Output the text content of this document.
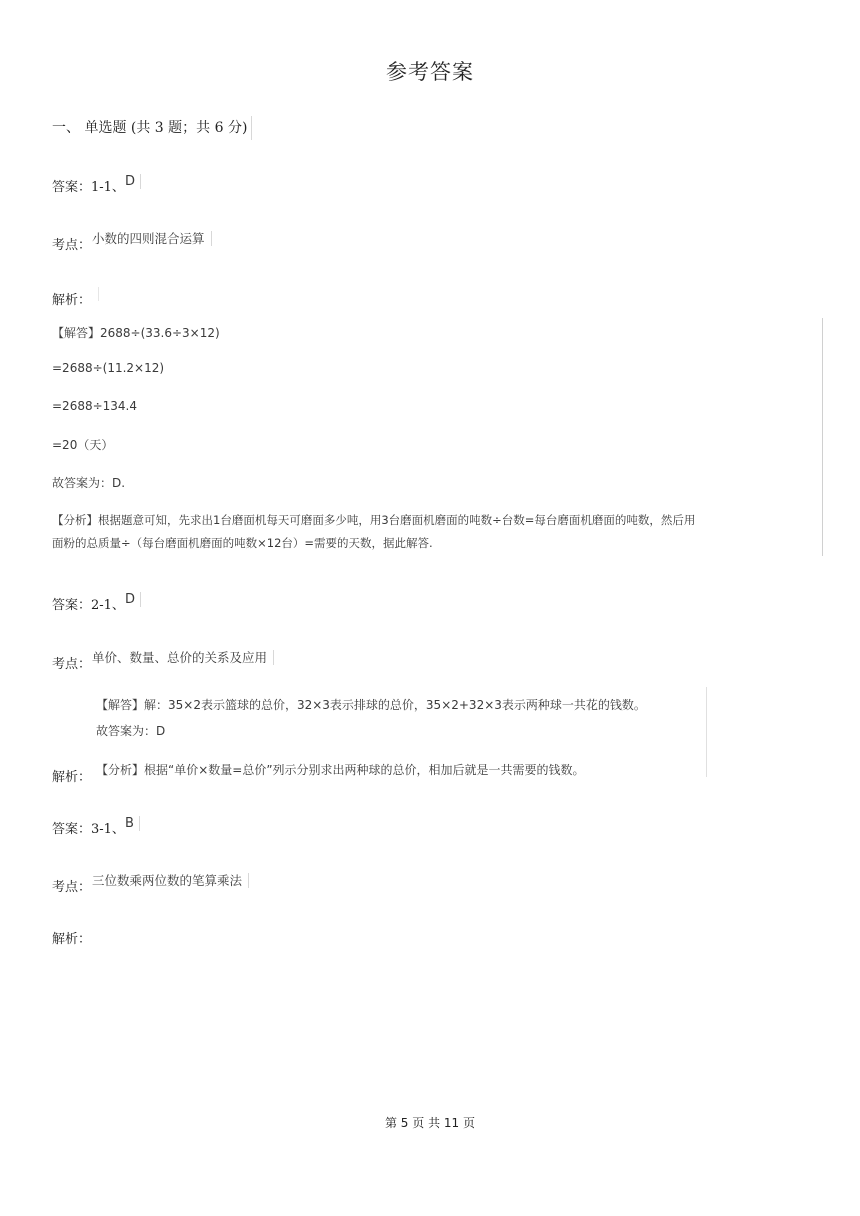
参考答案
一、 单选题 (共 3 题；共 6 分)
答案：1-1、D
考点：小数的四则混合运算
解析：
【解答】2688÷(33.6÷3×12)
=2688÷(11.2×12)
=2688÷134.4
=20（天）
故答案为：D.
【分析】根据题意可知，先求出1台磨面机每天可磨面多少吨，用3台磨面机磨面的吨数÷台数=每台磨面机磨面的吨数，然后用
面粉的总质量÷（每台磨面机磨面的吨数×12台）=需要的天数，据此解答.
答案：2-1、D
考点：单价、数量、总价的关系及应用
【解答】解：35×2表示篮球的总价，32×3表示排球的总价，35×2+32×3表示两种球一共花的钱数。
故答案为：D
【分析】根据“单价×数量=总价”列示分别求出两种球的总价，相加后就是一共需要的钱数。
解析：
答案：3-1、B
考点：三位数乘两位数的笔算乘法
解析：
第 5 页 共 11 页
